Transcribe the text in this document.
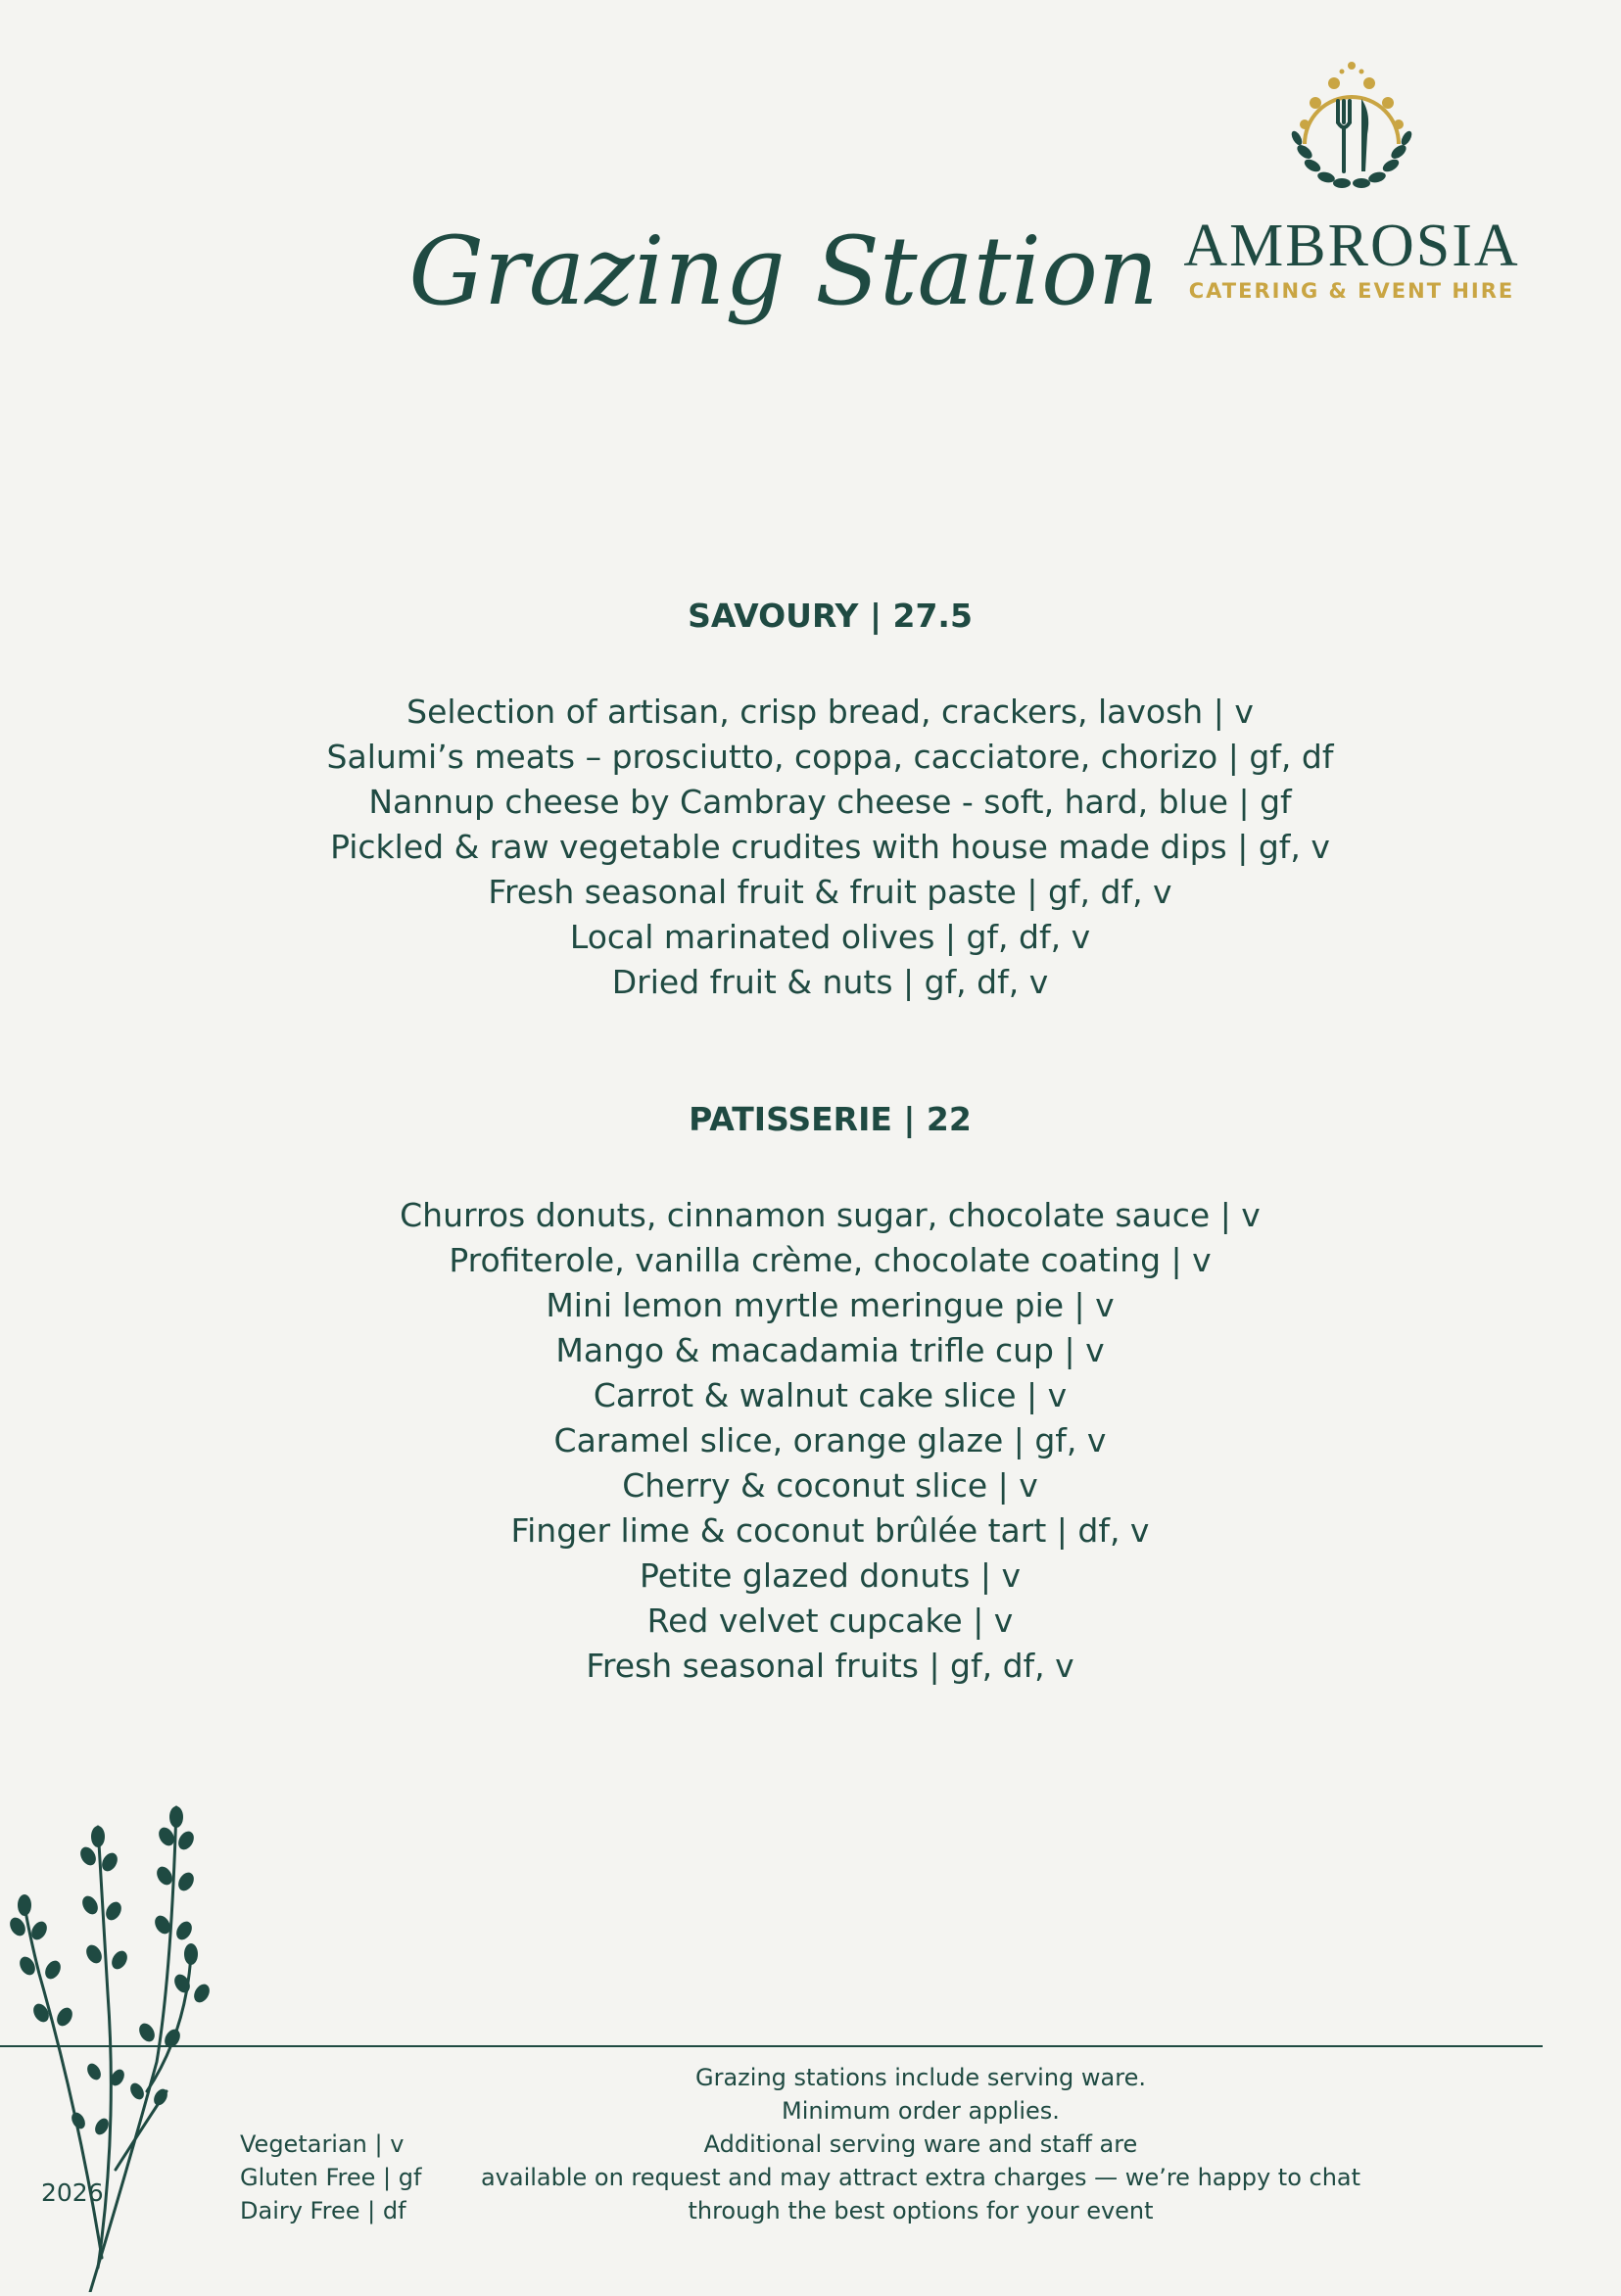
Grazing Station AMBROSIA
CATERING & EVENT HIRE
SAVOURY | 27.5
Selection of artisan, crisp bread, crackers, lavosh | v
Salumi’s meats – prosciutto, coppa, cacciatore, chorizo | gf, df
Nannup cheese by Cambray cheese - soft, hard, blue | gf
Pickled & raw vegetable crudites with house made dips | gf, v
Fresh seasonal fruit & fruit paste | gf, df, v
Local marinated olives | gf, df, v
Dried fruit & nuts | gf, df, v
PATISSERIE | 22
Churros donuts, cinnamon sugar, chocolate sauce | v
Profiterole, vanilla crème, chocolate coating | v
Mini lemon myrtle meringue pie | v
Mango & macadamia trifle cup | v
Carrot & walnut cake slice | v
Caramel slice, orange glaze | gf, v
Cherry & coconut slice | v
Finger lime & coconut brûlée tart | df, v
Petite glazed donuts | v
Red velvet cupcake | v
Fresh seasonal fruits | gf, df, v
2026
Vegetarian | v
Gluten Free | gf
Dairy Free | df
Grazing stations include serving ware.
Minimum order applies.
Additional serving ware and staff are
available on request and may attract extra charges — we’re happy to chat
through the best options for your event
